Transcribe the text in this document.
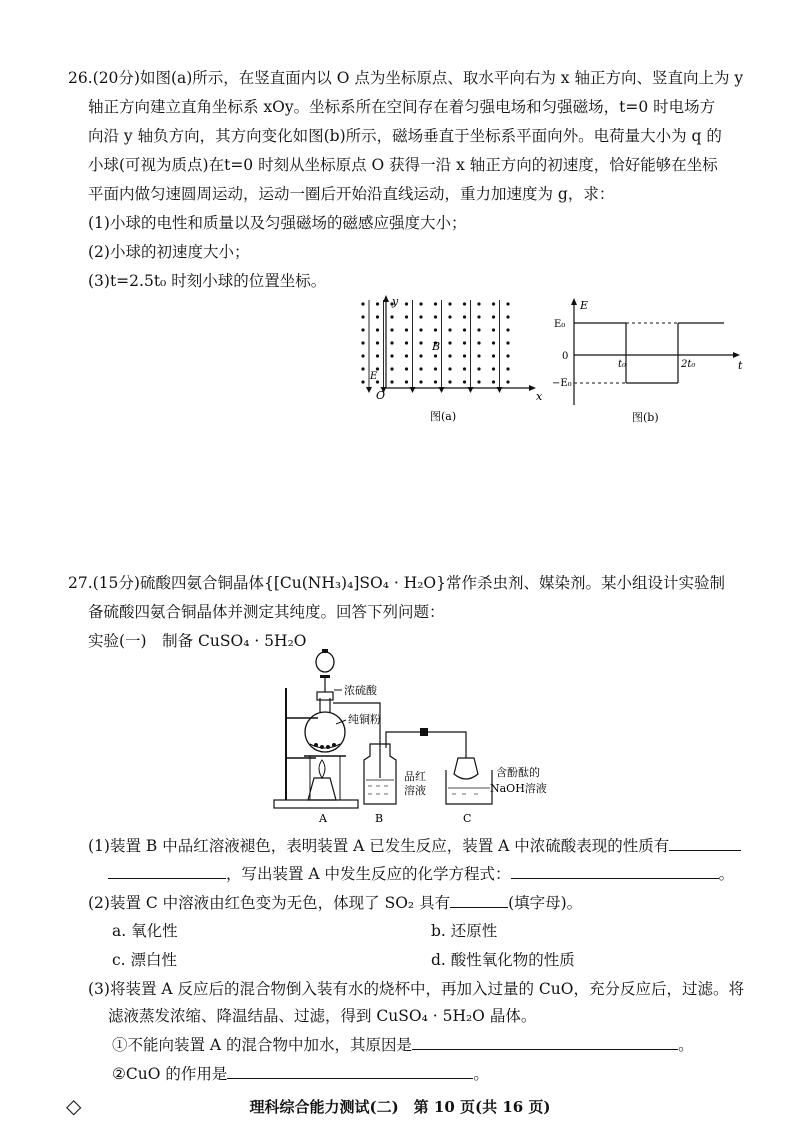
26.(20分)如图(a)所示，在竖直面内以 O 点为坐标原点、取水平向右为 x 轴正方向、竖直向上为 y
轴正方向建立直角坐标系 xOy。坐标系所在空间存在着匀强电场和匀强磁场，t=0 时电场方
向沿 y 轴负方向，其方向变化如图(b)所示，磁场垂直于坐标系平面向外。电荷量大小为 q 的
小球(可视为质点)在t=0 时刻从坐标原点 O 获得一沿 x 轴正方向的初速度，恰好能够在坐标
平面内做匀速圆周运动，运动一圈后开始沿直线运动，重力加速度为 g，求：
(1)小球的电性和质量以及匀强磁场的磁感应强度大小；
(2)小球的初速度大小；
(3)t=2.5t₀ 时刻小球的位置坐标。
y
x
O
B
E
图(a)
E
E₀
0
−E₀
t₀	2t₀	t
图(b)
27.(15分)硫酸四氨合铜晶体{[Cu(NH₃)₄]SO₄ · H₂O}常作杀虫剂、媒染剂。某小组设计实验制
备硫酸四氨合铜晶体并测定其纯度。回答下列问题：
实验(一)　制备 CuSO₄ · 5H₂O
浓硫酸
纯铜粉
品红
溶液
含酚酞的
NaOH溶液
A	B	C
(1)装置 B 中品红溶液褪色，表明装置 A 已发生反应，装置 A 中浓硫酸表现的性质有
，写出装置 A 中发生反应的化学方程式：	。
(2)装置 C 中溶液由红色变为无色，体现了 SO₂ 具有	(填字母)。
a. 氧化性	b. 还原性
c. 漂白性	d. 酸性氧化物的性质
(3)将装置 A 反应后的混合物倒入装有水的烧杯中，再加入过量的 CuO，充分反应后，过滤。将
滤液蒸发浓缩、降温结晶、过滤，得到 CuSO₄ · 5H₂O 晶体。
①不能向装置 A 的混合物中加水，其原因是	。
②CuO 的作用是	。
◇	理科综合能力测试(二)　第 10 页(共 16 页)
